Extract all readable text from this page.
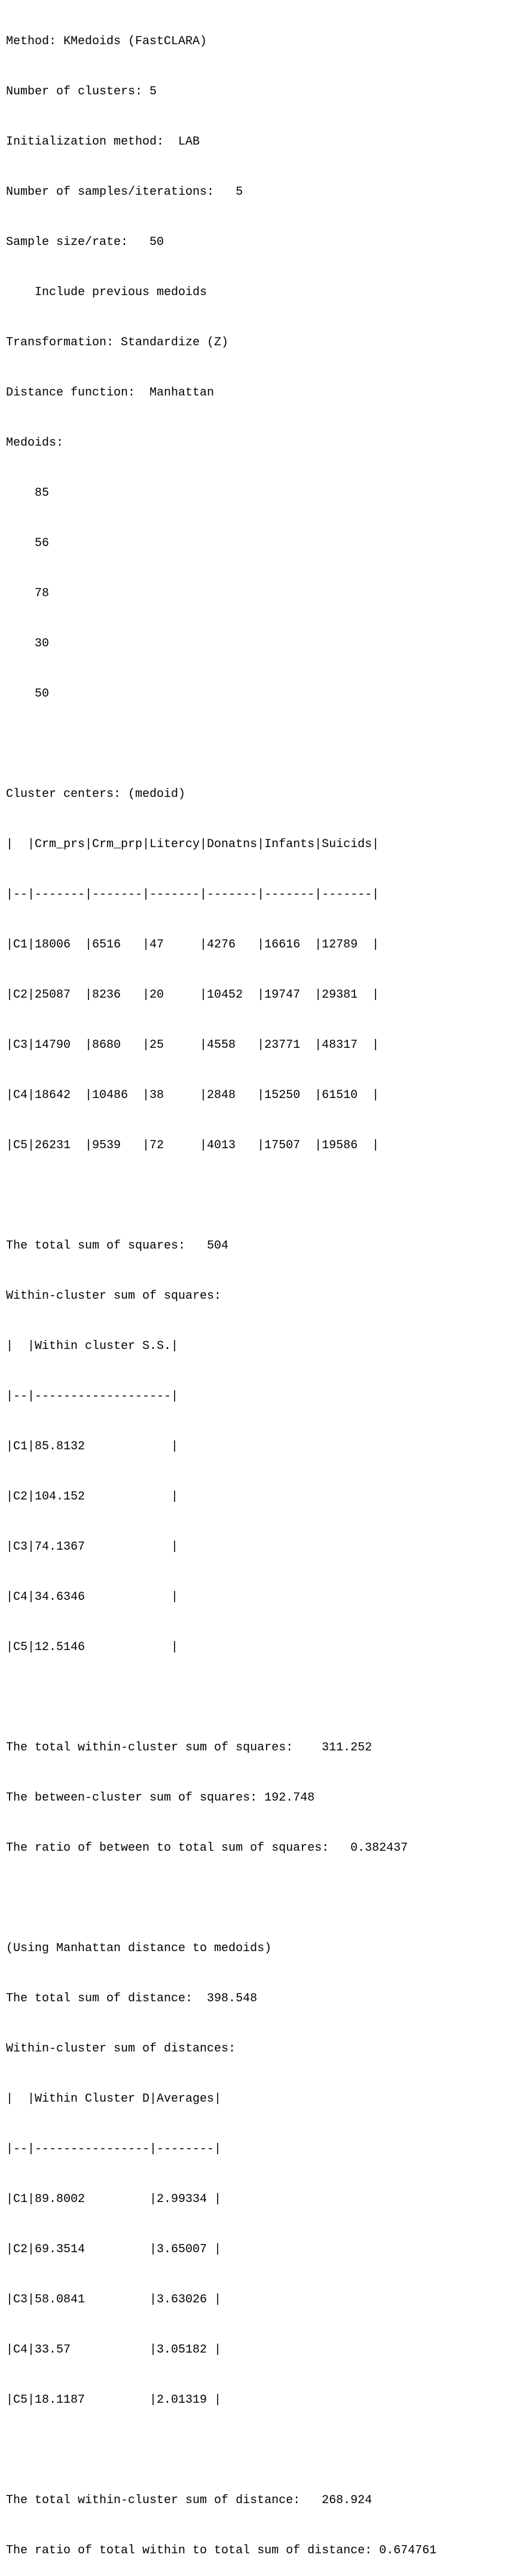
Method: KMedoids (FastCLARA)

Number of clusters: 5

Initialization method:  LAB

Number of samples/iterations:   5

Sample size/rate:   50

Include previous medoids

Transformation: Standardize (Z)

Distance function:  Manhattan

Medoids:

85

56

78

30

50

Cluster centers: (medoid)

|  |Crm_prs|Crm_prp|Litercy|Donatns|Infants|Suicids|

|--|-------|-------|-------|-------|-------|-------|

|C1|18006  |6516   |47     |4276   |16616  |12789  |

|C2|25087  |8236   |20     |10452  |19747  |29381  |

|C3|14790  |8680   |25     |4558   |23771  |48317  |

|C4|18642  |10486  |38     |2848   |15250  |61510  |

|C5|26231  |9539   |72     |4013   |17507  |19586  |

The total sum of squares:   504

Within-cluster sum of squares:

|  |Within cluster S.S.|

|--|-------------------|

|C1|85.8132            |

|C2|104.152            |

|C3|74.1367            |

|C4|34.6346            |

|C5|12.5146            |

The total within-cluster sum of squares:    311.252

The between-cluster sum of squares: 192.748

The ratio of between to total sum of squares:   0.382437

(Using Manhattan distance to medoids)

The total sum of distance:  398.548

Within-cluster sum of distances:

|  |Within Cluster D|Averages|

|--|----------------|--------|

|C1|89.8002         |2.99334 |

|C2|69.3514         |3.65007 |

|C3|58.0841         |3.63026 |

|C4|33.57           |3.05182 |

|C5|18.1187         |2.01319 |

The total within-cluster sum of distance:   268.924

The ratio of total within to total sum of distance: 0.674761
